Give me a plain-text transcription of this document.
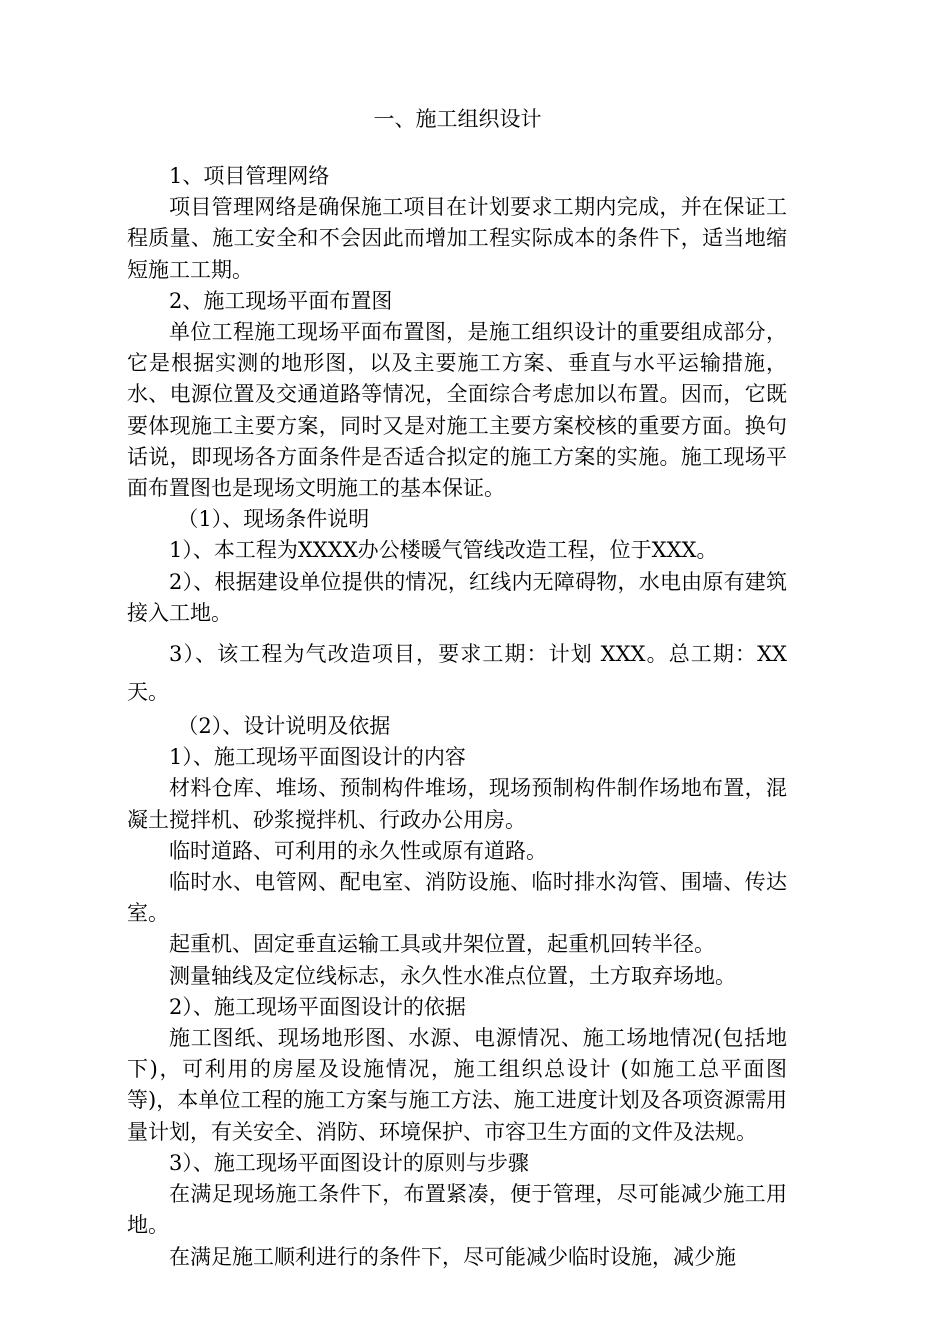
一、施工组织设计

1、项目管理网络

项目管理网络是确保施工项目在计划要求工期内完成，并在保证工程质量、施工安全和不会因此而增加工程实际成本的条件下，适当地缩短施工工期。

2、施工现场平面布置图

单位工程施工现场平面布置图，是施工组织设计的重要组成部分，它是根据实测的地形图，以及主要施工方案、垂直与水平运输措施，水、电源位置及交通道路等情况，全面综合考虑加以布置。因而，它既要体现施工主要方案，同时又是对施工主要方案校核的重要方面。换句话说，即现场各方面条件是否适合拟定的施工方案的实施。施工现场平面布置图也是现场文明施工的基本保证。

（1）、现场条件说明

1）、本工程为XXXX办公楼暖气管线改造工程，位于XXX。

2）、根据建设单位提供的情况，红线内无障碍物，水电由原有建筑接入工地。

3）、该工程为气改造项目，要求工期：计划 XXX。总工期：XX天。

（2）、设计说明及依据

1）、施工现场平面图设计的内容

材料仓库、堆场、预制构件堆场，现场预制构件制作场地布置，混凝土搅拌机、砂浆搅拌机、行政办公用房。

临时道路、可利用的永久性或原有道路。

临时水、电管网、配电室、消防设施、临时排水沟管、围墙、传达室。

起重机、固定垂直运输工具或井架位置，起重机回转半径。

测量轴线及定位线标志，永久性水准点位置，土方取弃场地。

2）、施工现场平面图设计的依据

施工图纸、现场地形图、水源、电源情况、施工场地情况(包括地下)，可利用的房屋及设施情况，施工组织总设计 (如施工总平面图等)，本单位工程的施工方案与施工方法、施工进度计划及各项资源需用量计划，有关安全、消防、环境保护、市容卫生方面的文件及法规。

3）、施工现场平面图设计的原则与步骤

在满足现场施工条件下，布置紧凑，便于管理，尽可能减少施工用地。

在满足施工顺利进行的条件下，尽可能减少临时设施，减少施
